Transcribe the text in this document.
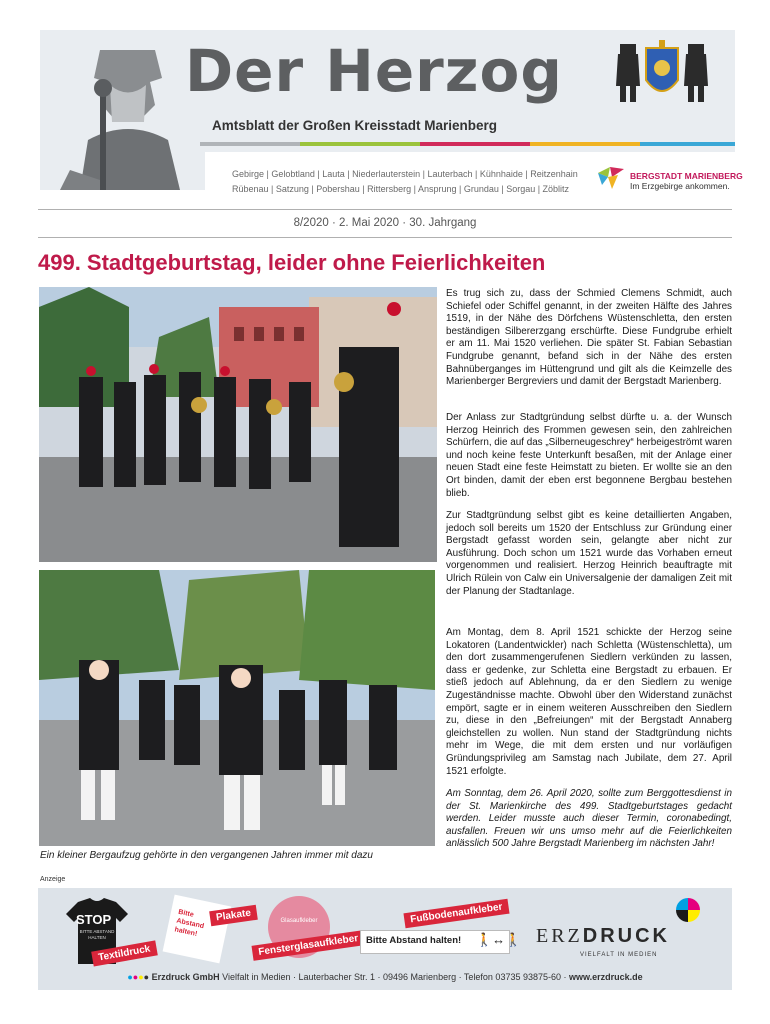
Der Herzog
Amtsblatt der Großen Kreisstadt Marienberg
Gebirge | Gelobtland | Lauta | Niederlauterstein | Lauterbach | Kühnhaide | Reitzenhain
Rübenau | Satzung | Pobershau | Rittersberg | Ansprung | Grundau | Sorgau | Zöblitz
BERGSTADT MARIENBERG
Im Erzgebirge ankommen.
8/2020 · 2. Mai 2020 · 30. Jahrgang
499. Stadtgeburtstag, leider ohne Feierlichkeiten
Ein kleiner Bergaufzug gehörte in den vergangenen Jahren immer mit dazu

Es trug sich zu, dass der Schmied Clemens Schmidt, auch Schiefel oder Schiffel genannt, in der zweiten Hälfte des Jahres 1519, in der Nähe des Dörfchens Wüstenschletta, den ersten beständigen Silbererzgang erschürfte. Diese Fundgrube erhielt er am 11. Mai 1520 verliehen. Die später St. Fabian Sebastian Fundgrube genannt, befand sich in der Nähe des ersten Bahnüberganges im Hüttengrund und gilt als die Keimzelle des Marienberger Bergreviers und damit der Bergstadt Marienberg.

Der Anlass zur Stadtgründung selbst dürfte u. a. der Wunsch Herzog Heinrich des Frommen gewesen sein, den zahlreichen Schürfern, die auf das „Silberneugeschrey“ herbeigeströmt waren und noch keine feste Unterkunft besaßen, mit der Anlage einer neuen Stadt eine feste Heimstatt zu bieten. Er wollte sie an den Ort binden, damit der eben erst begonnene Bergbau bestehen blieb.

Zur Stadtgründung selbst gibt es keine detaillierten Angaben, jedoch soll bereits um 1520 der Entschluss zur Gründung einer Bergstadt gefasst worden sein, gelangte aber nicht zur Ausführung. Doch schon um 1521 wurde das Vorhaben erneut vorgenommen und realisiert. Herzog Heinrich beauftragte mit Ulrich Rülein von Calw ein Universalgenie der damaligen Zeit mit der Planung der Stadtanlage.

Am Montag, dem 8. April 1521 schickte der Herzog seine Lokatoren (Landentwickler) nach Schletta (Wüstenschletta), um den dort zusammengerufenen Siedlern verkünden zu lassen, dass er gedenke, zur Schletta eine Bergstadt zu erbauen. Er stieß jedoch auf Ablehnung, da er den Siedlern zu wenige Zugeständnisse machte. Obwohl über den Widerstand zunächst empört, sagte er in einem weiteren Ausschreiben den Siedlern zu, diese in den „Befreiungen“ mit der Bergstadt Annaberg gleichstellen zu wollen. Nun stand der Stadtgründung nichts mehr im Wege, die mit dem ersten und nur vorläufigen Gründungsprivileg am Samstag nach Jubilate, dem 27. April 1521 erfolgte.

Am Sonntag, dem 26. April 2020, sollte zum Berggottesdienst in der St. Marienkirche des 499. Stadtgeburtstages gedacht werden. Leider musste auch dieser Termin, coronabedingt, ausfallen. Freuen wir uns umso mehr auf die Feierlichkeiten anlässlich 500 Jahre Bergstadt Marienberg im nächsten Jahr!

Anzeige
STOP
BITTE ABSTAND HALTEN
Textildruck
Bitte Abstand halten!
Plakate	Glasaufkleber
Fensterglasaufkleber
Fußbodenaufkleber
Bitte Abstand halten! 🚶↔🚶 ERZDRUCK
VIELFALT IN MEDIEN
●●●● Erzdruck GmbH Vielfalt in Medien · Lauterbacher Str. 1 · 09496 Marienberg · Telefon 03735 93875-60 · www.erzdruck.de
